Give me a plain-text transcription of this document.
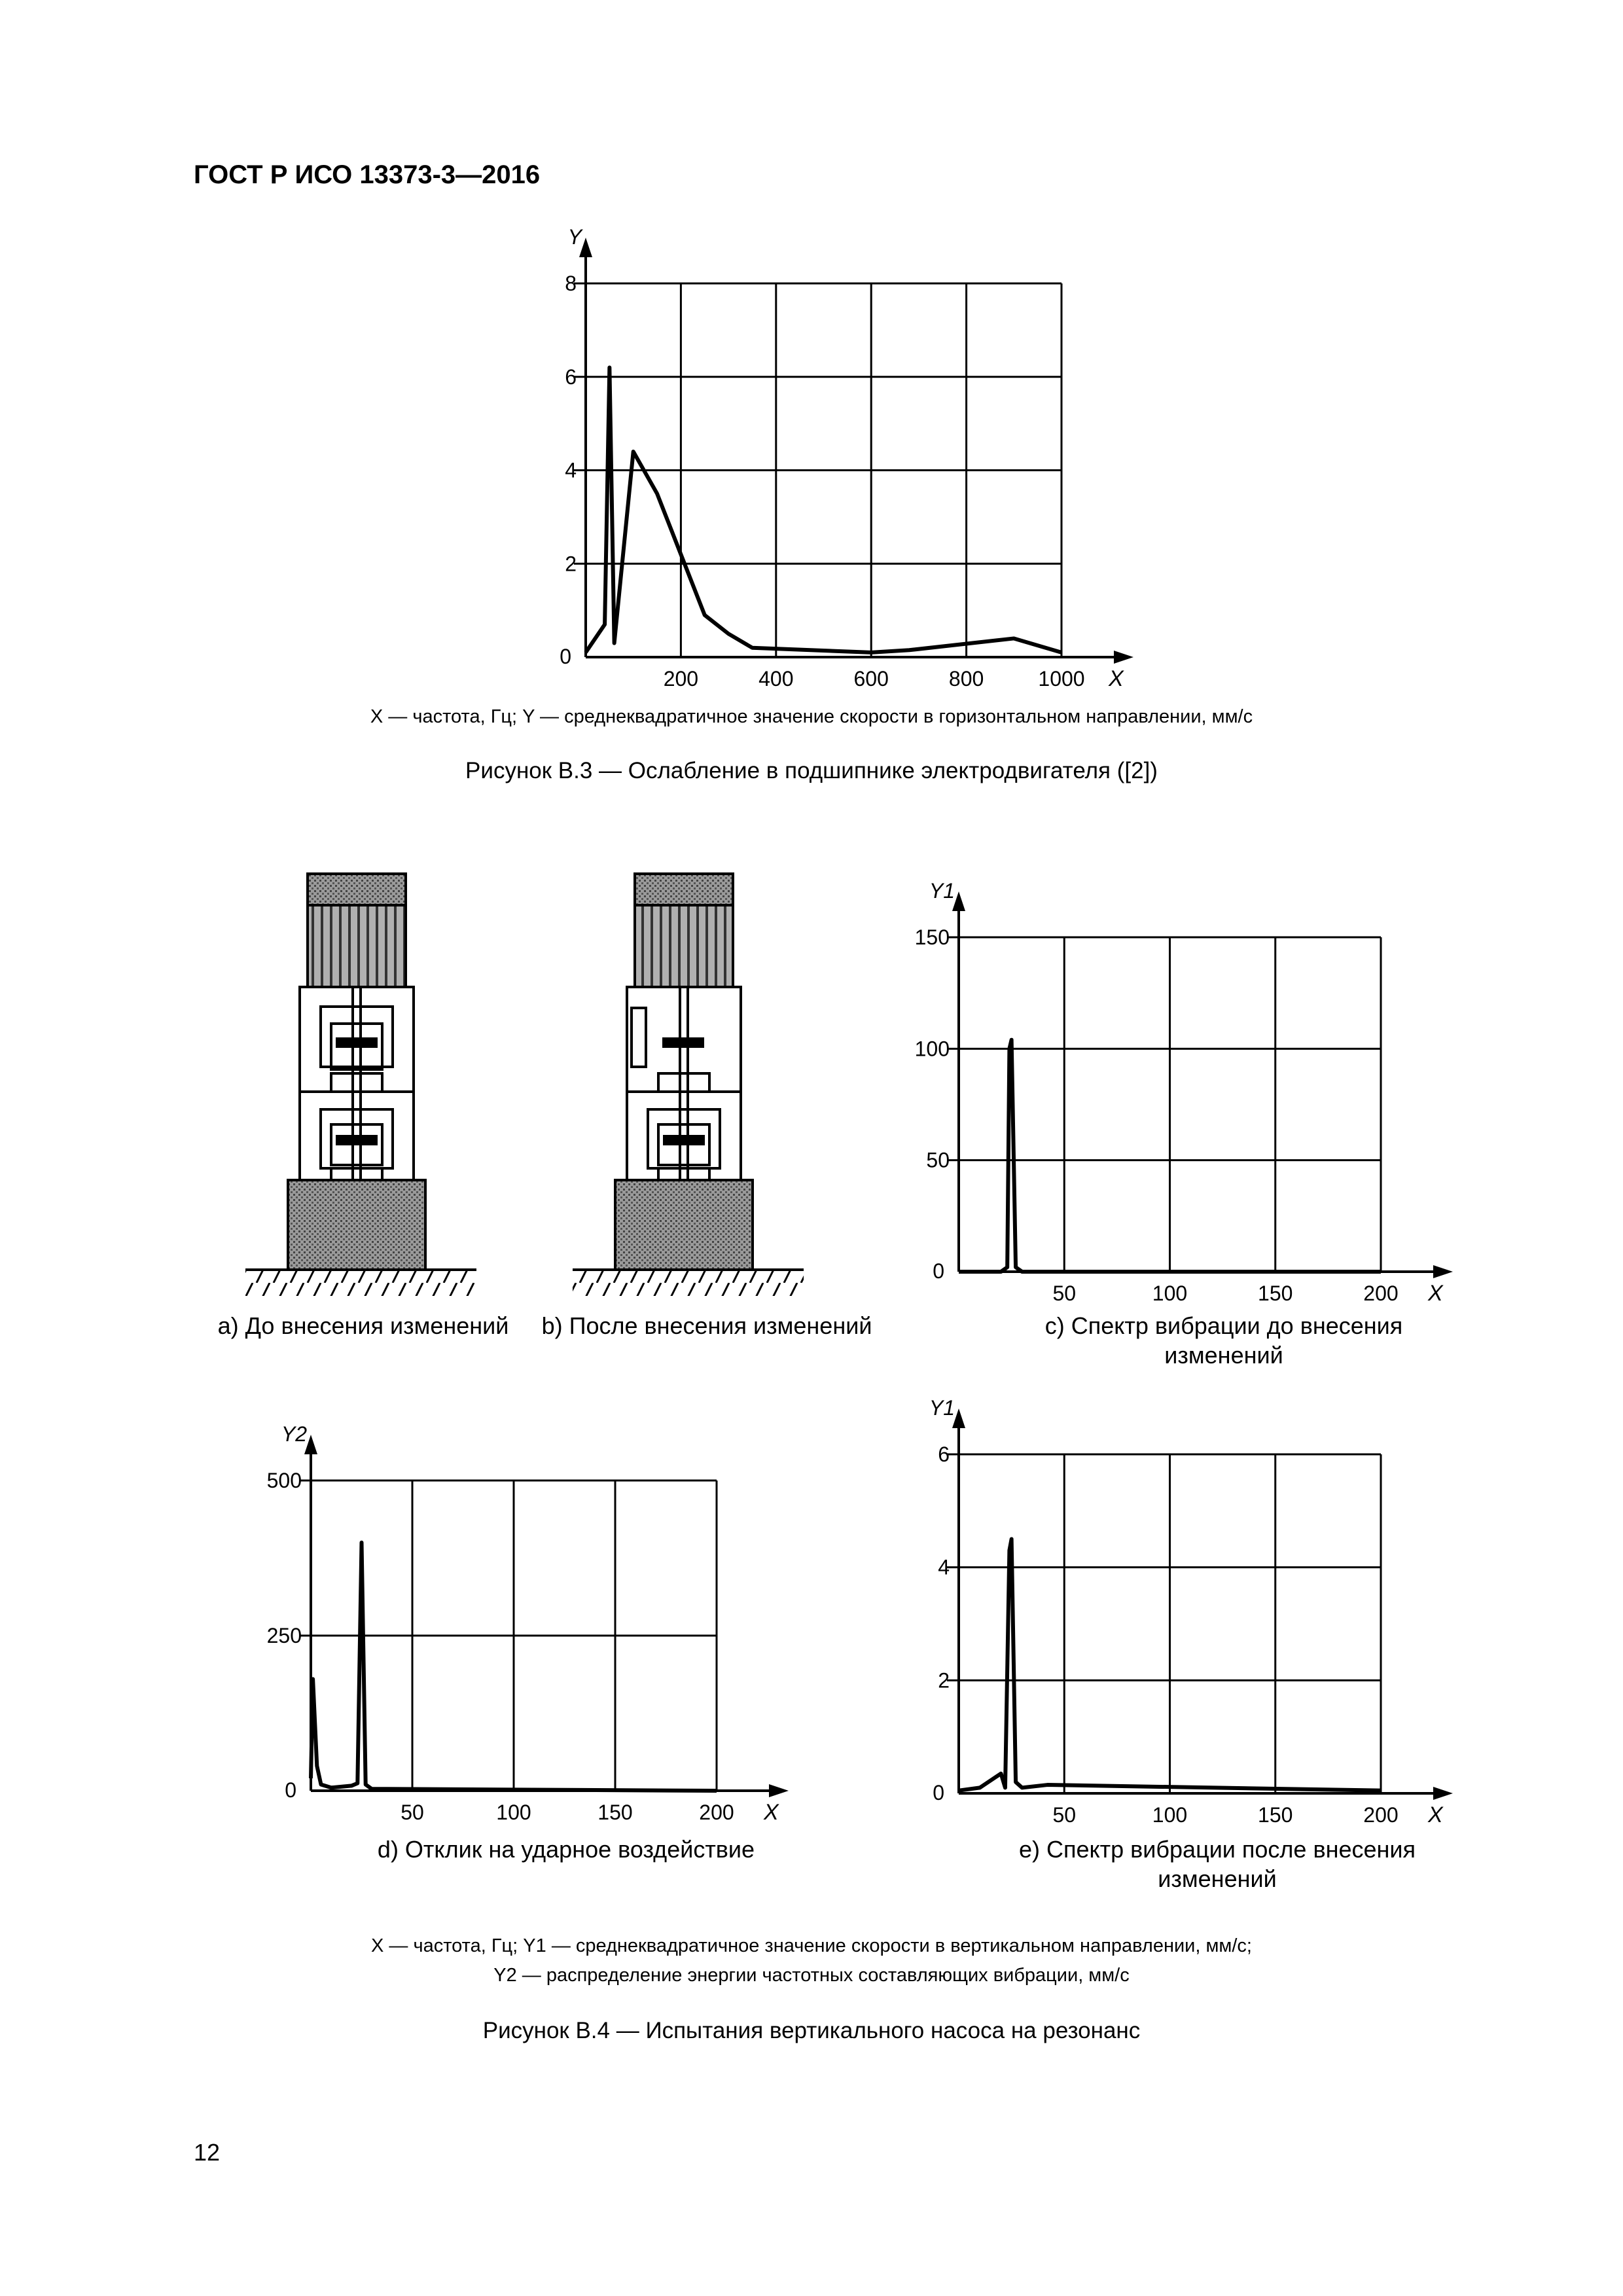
ГОСТ Р ИСО 13373-3—2016
200	400	600	800	1000
0
2
4
6
8
X
Y
50	100	150	200
0
50
100
150
X
Y1
50	100	150	200
0
250
500
X
Y2
50	100	150	200
0
2
4
6
X
Y1
X — частота, Гц; Y — среднеквадратичное значение скорости в горизонтальном направлении, мм/с
Рисунок В.3 — Ослабление в подшипнике электродвигателя ([2])
a) До внесения изменений	b) После внесения изменений	c) Спектр вибрации до внесения изменений
d) Отклик на ударное воздействие	e) Спектр вибрации после внесения изменений
X — частота, Гц; Y1 — среднеквадратичное значение скорости в вертикальном направлении, мм/с;
Y2 — распределение энергии частотных составляющих вибрации, мм/с
Рисунок В.4 — Испытания вертикального насоса на резонанс
12
